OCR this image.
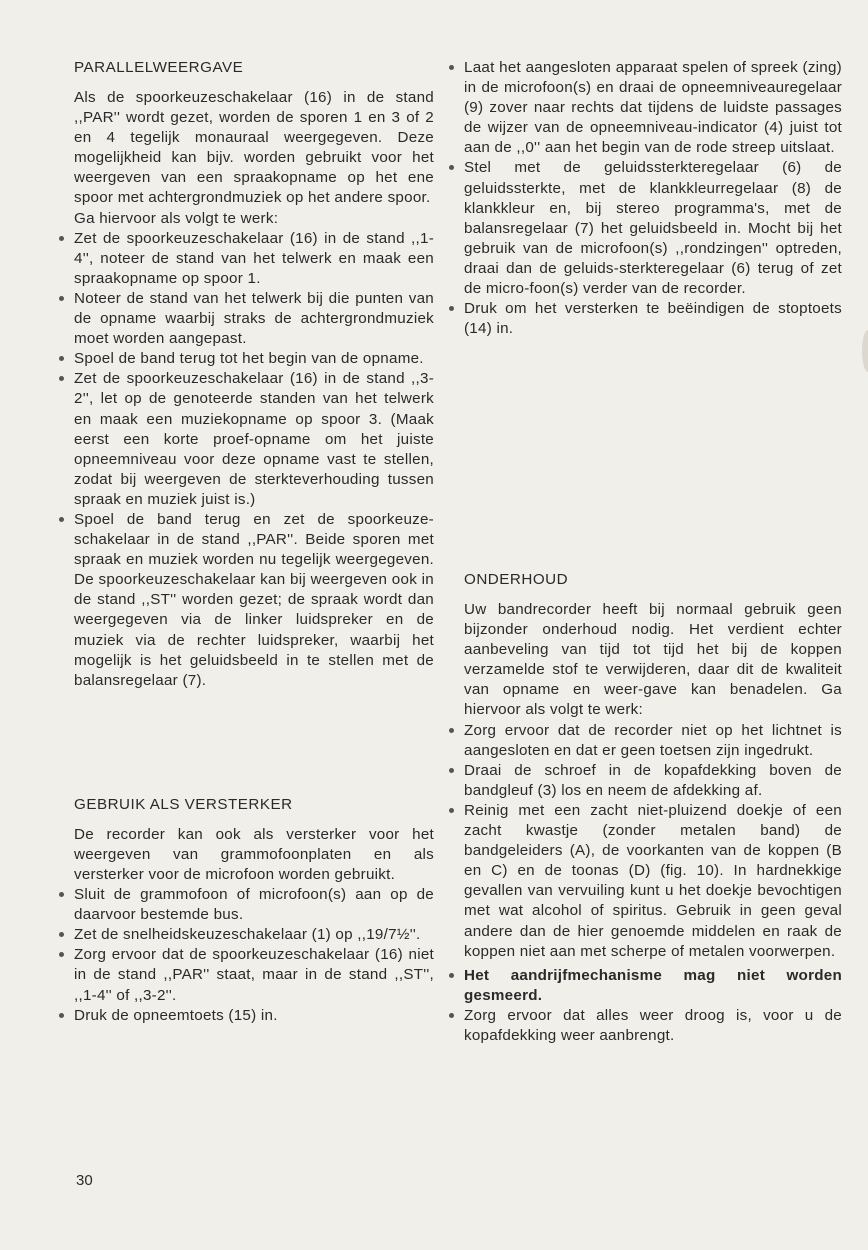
PARALLELWEERGAVE

Als de spoorkeuzeschakelaar (16) in de stand ,,PAR'' wordt gezet, worden de sporen 1 en 3 of 2 en 4 tegelijk monauraal weergegeven. Deze mogelijkheid kan bijv. worden gebruikt voor het weergeven van een spraakopname op het ene spoor met achtergrondmuziek op het andere spoor.

Ga hiervoor als volgt te werk:

Zet de spoorkeuzeschakelaar (16) in de stand ,,1-4'', noteer de stand van het telwerk en maak een spraakopname op spoor 1.
Noteer de stand van het telwerk bij die punten van de opname waarbij straks de achtergrondmuziek moet worden aangepast.
Spoel de band terug tot het begin van de opname.
Zet de spoorkeuzeschakelaar (16) in de stand ,,3-2'', let op de genoteerde standen van het telwerk en maak een muziekopname op spoor 3. (Maak eerst een korte proef-opname om het juiste opneemniveau voor deze opname vast te stellen, zodat bij weergeven de sterkteverhouding tussen spraak en muziek juist is.)
Spoel de band terug en zet de spoorkeuze-schakelaar in de stand ,,PAR''. Beide sporen met spraak en muziek worden nu tegelijk weergegeven. De spoorkeuzeschakelaar kan bij weergeven ook in de stand ,,ST'' worden gezet; de spraak wordt dan weergegeven via de linker luidspreker en de muziek via de rechter luidspreker, waarbij het mogelijk is het geluidsbeeld in te stellen met de balansregelaar (7).
GEBRUIK ALS VERSTERKER

De recorder kan ook als versterker voor het weergeven van grammofoonplaten en als versterker voor de microfoon worden gebruikt.

Sluit de grammofoon of microfoon(s) aan op de daarvoor bestemde bus.
Zet de snelheidskeuzeschakelaar (1) op ,,19/7½''.
Zorg ervoor dat de spoorkeuzeschakelaar (16) niet in de stand ,,PAR'' staat, maar in de stand ,,ST'', ,,1-4'' of ,,3-2''.
Druk de opneemtoets (15) in.
Laat het aangesloten apparaat spelen of spreek (zing) in de microfoon(s) en draai de opneemniveauregelaar (9) zover naar rechts dat tijdens de luidste passages de wijzer van de opneemniveau-indicator (4) juist tot aan de ,,0'' aan het begin van de rode streep uitslaat.
Stel met de geluidssterkteregelaar (6) de geluidssterkte, met de klankkleurregelaar (8) de klankkleur en, bij stereo programma's, met de balansregelaar (7) het geluidsbeeld in. Mocht bij het gebruik van de microfoon(s) ,,rondzingen'' optreden, draai dan de geluids-sterkteregelaar (6) terug of zet de micro-foon(s) verder van de recorder.
Druk om het versterken te beëindigen de stoptoets (14) in.
ONDERHOUD

Uw bandrecorder heeft bij normaal gebruik geen bijzonder onderhoud nodig. Het verdient echter aanbeveling van tijd tot tijd het bij de koppen verzamelde stof te verwijderen, daar dit de kwaliteit van opname en weer-gave kan benadelen. Ga hiervoor als volgt te werk:

Zorg ervoor dat de recorder niet op het lichtnet is aangesloten en dat er geen toetsen zijn ingedrukt.
Draai de schroef in de kopafdekking boven de bandgleuf (3) los en neem de afdekking af.
Reinig met een zacht niet-pluizend doekje of een zacht kwastje (zonder metalen band) de bandgeleiders (A), de voorkanten van de koppen (B en C) en de toonas (D) (fig. 10). In hardnekkige gevallen van vervuiling kunt u het doekje bevochtigen met wat alcohol of spiritus. Gebruik in geen geval andere dan de hier genoemde middelen en raak de koppen niet aan met scherpe of metalen voorwerpen.
Het aandrijfmechanisme mag niet worden gesmeerd.
Zorg ervoor dat alles weer droog is, voor u de kopafdekking weer aanbrengt.
30
